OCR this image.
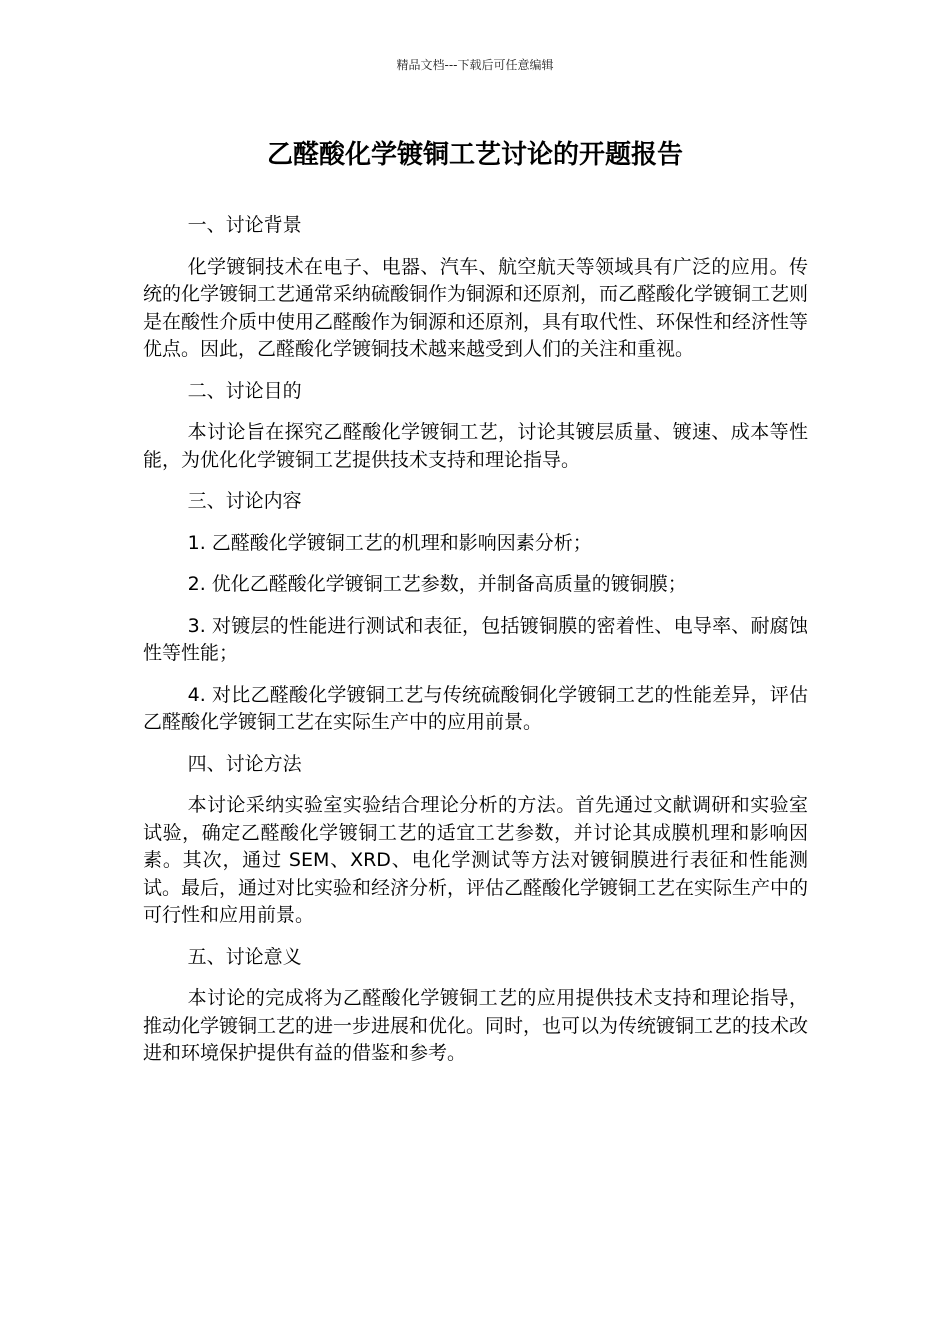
精品文档---下载后可任意编辑
乙醛酸化学镀铜工艺讨论的开题报告

一、讨论背景

化学镀铜技术在电子、电器、汽车、航空航天等领域具有广泛的应用。传统的化学镀铜工艺通常采纳硫酸铜作为铜源和还原剂，而乙醛酸化学镀铜工艺则是在酸性介质中使用乙醛酸作为铜源和还原剂，具有取代性、环保性和经济性等优点。因此，乙醛酸化学镀铜技术越来越受到人们的关注和重视。

二、讨论目的

本讨论旨在探究乙醛酸化学镀铜工艺，讨论其镀层质量、镀速、成本等性能，为优化化学镀铜工艺提供技术支持和理论指导。

三、讨论内容

1. 乙醛酸化学镀铜工艺的机理和影响因素分析；

2. 优化乙醛酸化学镀铜工艺参数，并制备高质量的镀铜膜；

3. 对镀层的性能进行测试和表征，包括镀铜膜的密着性、电导率、耐腐蚀性等性能；

4. 对比乙醛酸化学镀铜工艺与传统硫酸铜化学镀铜工艺的性能差异，评估乙醛酸化学镀铜工艺在实际生产中的应用前景。

四、讨论方法

本讨论采纳实验室实验结合理论分析的方法。首先通过文献调研和实验室试验，确定乙醛酸化学镀铜工艺的适宜工艺参数，并讨论其成膜机理和影响因素。其次，通过 SEM、XRD、电化学测试等方法对镀铜膜进行表征和性能测试。最后，通过对比实验和经济分析，评估乙醛酸化学镀铜工艺在实际生产中的可行性和应用前景。

五、讨论意义

本讨论的完成将为乙醛酸化学镀铜工艺的应用提供技术支持和理论指导，推动化学镀铜工艺的进一步进展和优化。同时，也可以为传统镀铜工艺的技术改进和环境保护提供有益的借鉴和参考。
